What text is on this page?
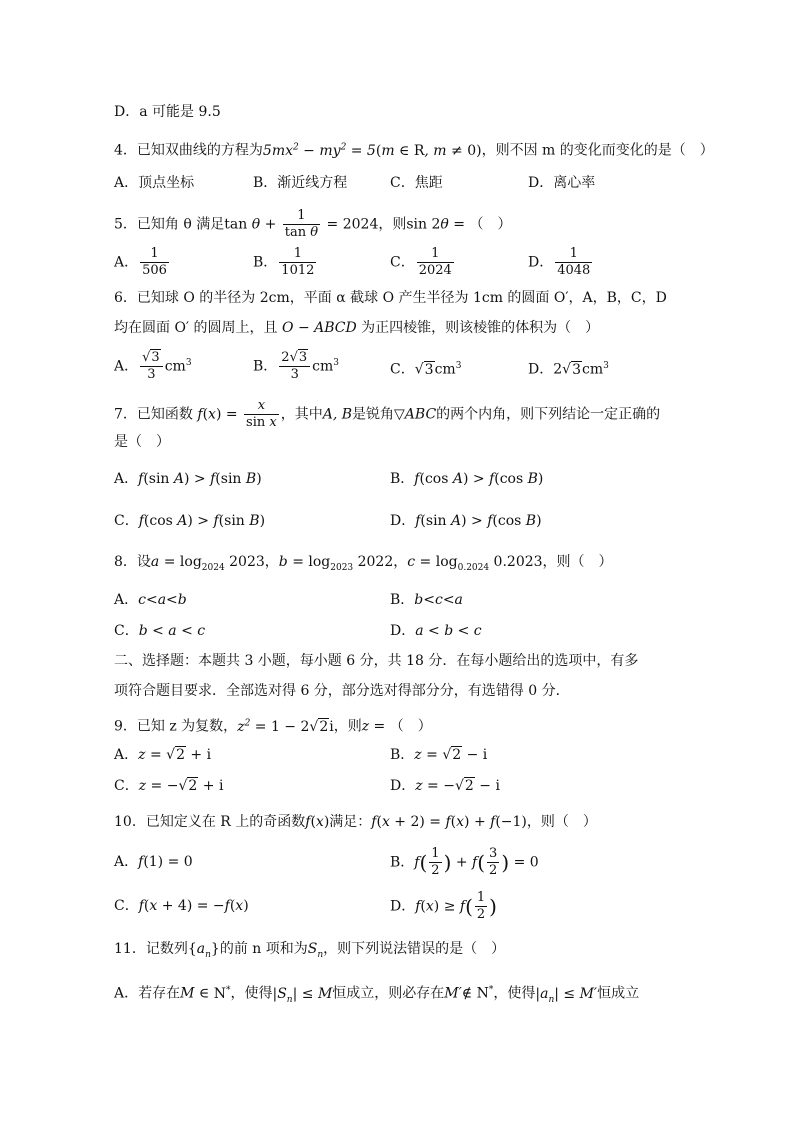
D．a 可能是 9.5
4．已知双曲线的方程为$5mx^2 - my^2 = 5(m$ ∈ R, m ≠ 0)，则不因 m 的变化而变化的是（　）
A．顶点坐标	B．渐近线方程	C．焦距	D．离心率
5．已知角 θ 满足$\tan \theta + \frac{1}{\text{tan θ}} = 2024$，则sin 2θ = （　）
A． $\frac{1}{506}$	B． $\frac{1}{1012}$	C． $\frac{1}{2024}$	D． $\frac{1}{4048}$
6．已知球 O 的半径为 2cm，平面 α 截球 O 产生半径为 1cm 的圆面 O′，A，B，C，D
均在圆面 O′ 的圆周上，且 O − ABCD 为正四棱锥，则该棱锥的体积为（　）
A． $\frac{√3}{3} cm^3$	B． $\frac{2√3}{3} cm^3$	C．$√3cm^3$	D．$2√3cm^3$
7．已知函数 $f(x) = \frac{x}{\text{sin x}}$ ，其中A, B是锐角▽ABC的两个内角，则下列结论一定正确的
是（　）
A．f(sin A) > f(sin B)	B．f(cos A) > f(cos B)
C．f(cos A) > f(sin B)	D．f(sin A) > f(cos B)
8．设$a = \log_{2024} 2023$，$b = \log_{2023} 2022$，$c = \log_{0.2024} 0.2023$，则（　）
A．c<a<b	B．b<c<a
C．b < a < c	D．a < b < c
二、选择题：本题共 3 小题，每小题 6 分，共 18 分．在每小题给出的选项中，有多
项符合题目要求．全部选对得 6 分，部分选对得部分分，有选错得 0 分．
9．已知 z 为复数，$z^2 = 1 - 2√2i$，则z = （　）
A．z = √2 + i	B．z = √2 − i
C．z = −√2 + i	D．z = −√2 − i
10．已知定义在 R 上的奇函数f(x)满足：f(x + 2) = f(x) + f(−1)，则（　）
A．f(1) = 0	B．$f( \frac{1}{2}$ ) + $f( \frac{3}{2}$ ) = 0
C．f(x + 4) = −f(x)	D．$f(x) \ge f( \frac{1}{2}$ )
11．记数列$\{a_n\}$的前 n 项和为$S_n$，则下列说法错误的是（　）
A．若存在M ∈ N*，使得$|S_n| \le M$恒成立，则必存在M′∉ N*，使得$|a_n| \le M'$恒成立
